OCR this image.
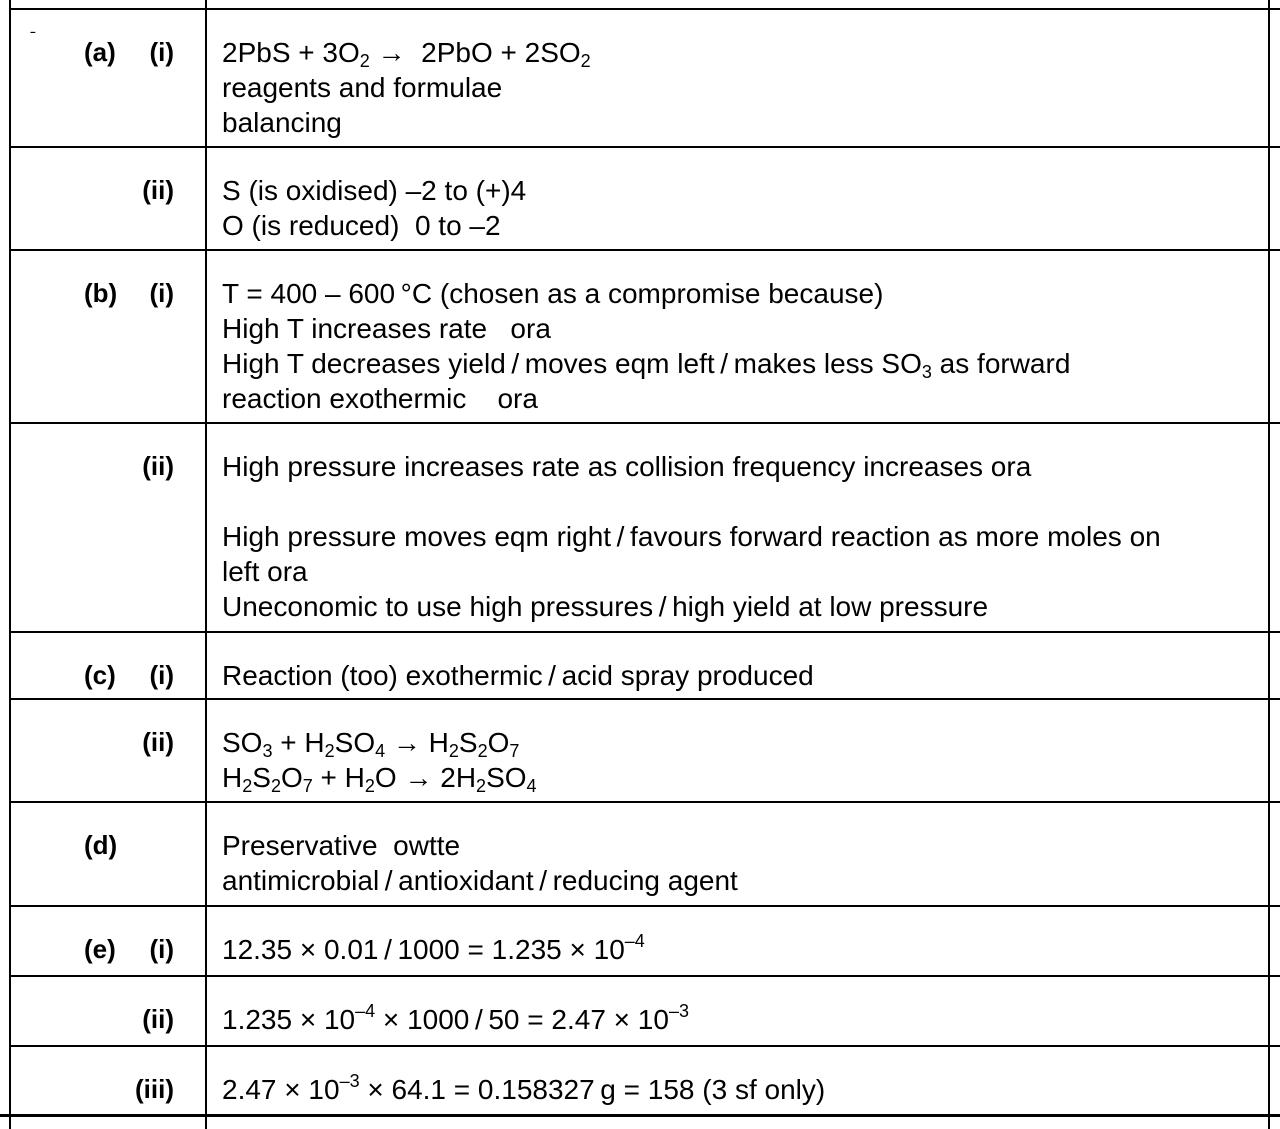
ˉ (a) (i) $2PbS + 3O_2 \to 2PbO + 2SO_2$
reagents and formulae
balancing
(ii) S (is oxidised) –2 to (+)4
O (is reduced)  0 to –2
(b) (i) T = 400 – 600 °C (chosen as a compromise because)
High T increases rate   ora
High T decreases yield / moves eqm left / makes less $SO_3$ as forward
reaction exothermic    ora
(ii) High pressure increases rate as collision frequency increases ora
High pressure moves eqm right / favours forward reaction as more moles on
left ora
Uneconomic to use high pressures / high yield at low pressure
(c) (i) Reaction (too) exothermic / acid spray produced
(ii) $SO_3 + H_2SO_4 \to H_2S_2O_7$
$H_2S_2O_7 + H_2O \to 2H_2SO_4$
(d)	Preservative  owtte
antimicrobial / antioxidant / reducing agent
(e) (i) $12.35 \times 0.01 / 1000 = 1.235 \times 10^{-4}$
(ii) $1.235 \times 10^{-4} \times 1000 / 50 = 2.47 \times 10^{-3}$
(iii) $2.47 \times 10^{-3} \times 64.1 = 0.158327$ g = 158 (3 sf only)
